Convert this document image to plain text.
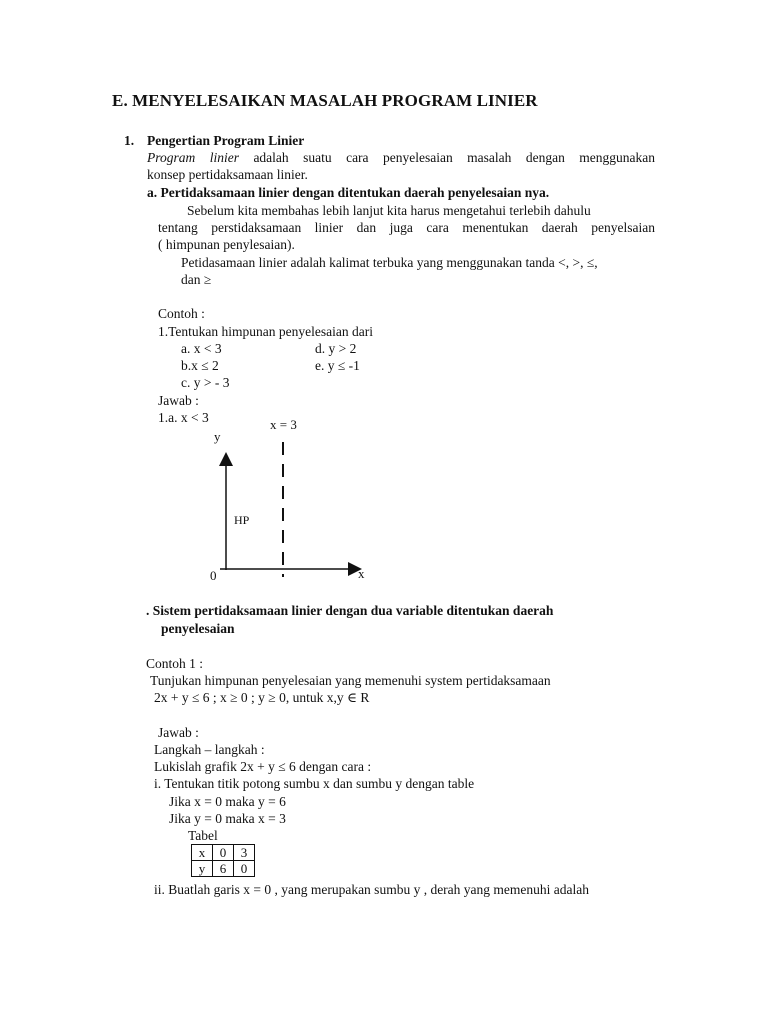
E. MENYELESAIKAN MASALAH PROGRAM LINIER
1. Pengertian Program Linier
Program linier adalah suatu cara penyelesaian masalah dengan menggunakan
konsep pertidaksamaan linier.
a. Pertidaksamaan linier dengan ditentukan daerah penyelesaian nya.
Sebelum kita membahas lebih lanjut kita harus mengetahui terlebih dahulu
tentang perstidaksamaan linier dan juga cara menentukan daerah penyelsaian
( himpunan penylesaian).
Petidasamaan linier adalah kalimat terbuka yang menggunakan tanda <, >, ≤,
dan ≥
Contoh :
1.Tentukan himpunan penyelesaian dari
a. x < 3	d. y > 2
b.x ≤ 2	e. y ≤ -1
c. y > - 3
Jawab :
1.a. x < 3	x = 3
y
x
HP
0
. Sistem pertidaksamaan linier dengan dua variable ditentukan daerah
penyelesaian
Contoh 1 :
Tunjukan himpunan penyelesaian yang memenuhi system pertidaksamaan
2x + y ≤ 6 ; x ≥ 0 ; y ≥ 0, untuk x,y ∈ R
Jawab :
Langkah – langkah :
Lukislah grafik 2x + y ≤ 6 dengan cara :
i. Tentukan titik potong sumbu x dan sumbu y dengan table
Jika x = 0 maka y = 6
Jika y = 0 maka x = 3
Tabel
x	0	3
y	6	0
ii. Buatlah garis x = 0 , yang merupakan sumbu y , derah yang memenuhi adalah
